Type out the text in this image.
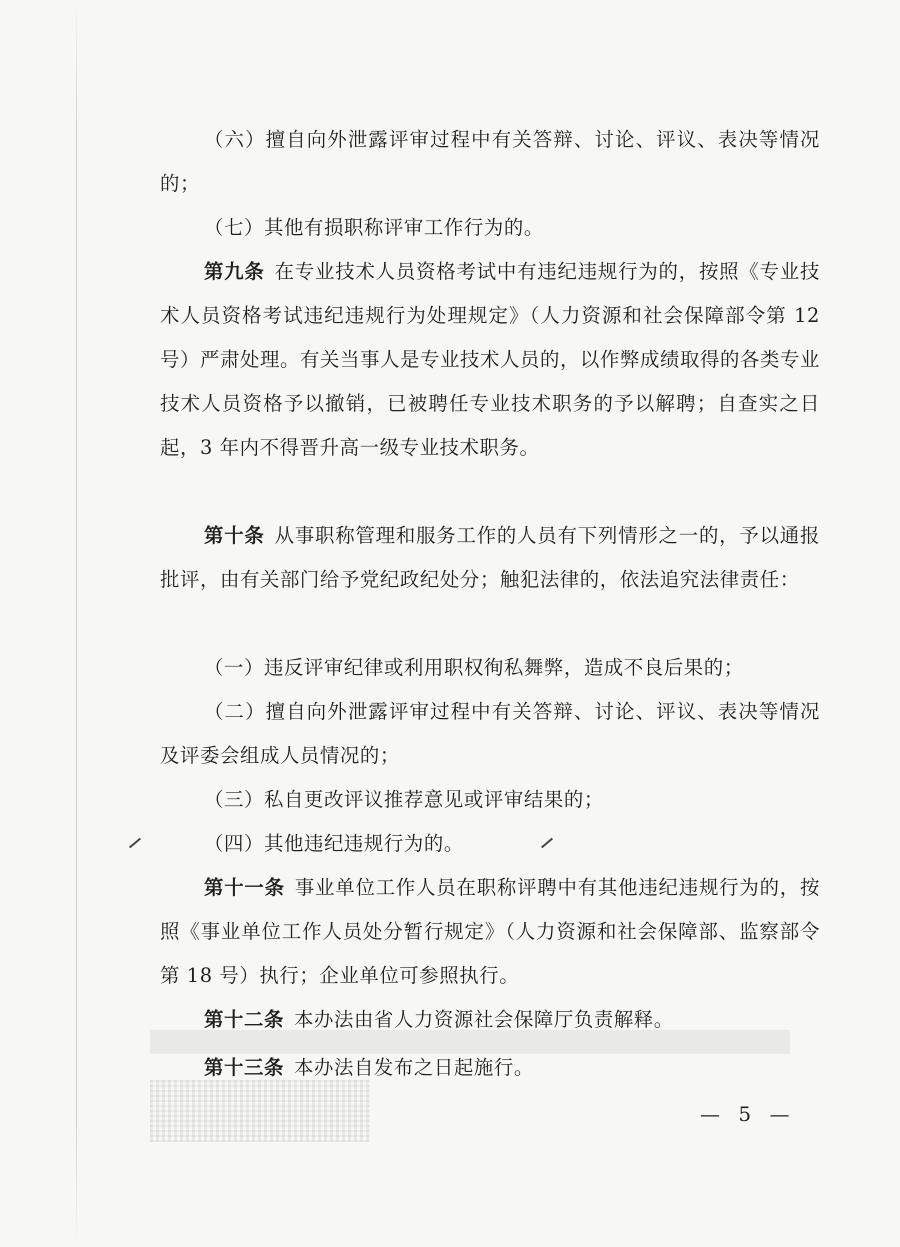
（六）擅自向外泄露评审过程中有关答辩、讨论、评议、表决等情况的；

（七）其他有损职称评审工作行为的。

第九条 在专业技术人员资格考试中有违纪违规行为的，按照《专业技术人员资格考试违纪违规行为处理规定》（人力资源和社会保障部令第 12 号）严肃处理。有关当事人是专业技术人员的，以作弊成绩取得的各类专业技术人员资格予以撤销，已被聘任专业技术职务的予以解聘；自查实之日起，3 年内不得晋升高一级专业技术职务。

第十条 从事职称管理和服务工作的人员有下列情形之一的，予以通报批评，由有关部门给予党纪政纪处分；触犯法律的，依法追究法律责任：

（一）违反评审纪律或利用职权徇私舞弊，造成不良后果的；

（二）擅自向外泄露评审过程中有关答辩、讨论、评议、表决等情况及评委会组成人员情况的；

（三）私自更改评议推荐意见或评审结果的；

（四）其他违纪违规行为的。

第十一条 事业单位工作人员在职称评聘中有其他违纪违规行为的，按照《事业单位工作人员处分暂行规定》（人力资源和社会保障部、监察部令第 18 号）执行；企业单位可参照执行。

第十二条 本办法由省人力资源社会保障厅负责解释。

第十三条 本办法自发布之日起施行。

— 5 —
